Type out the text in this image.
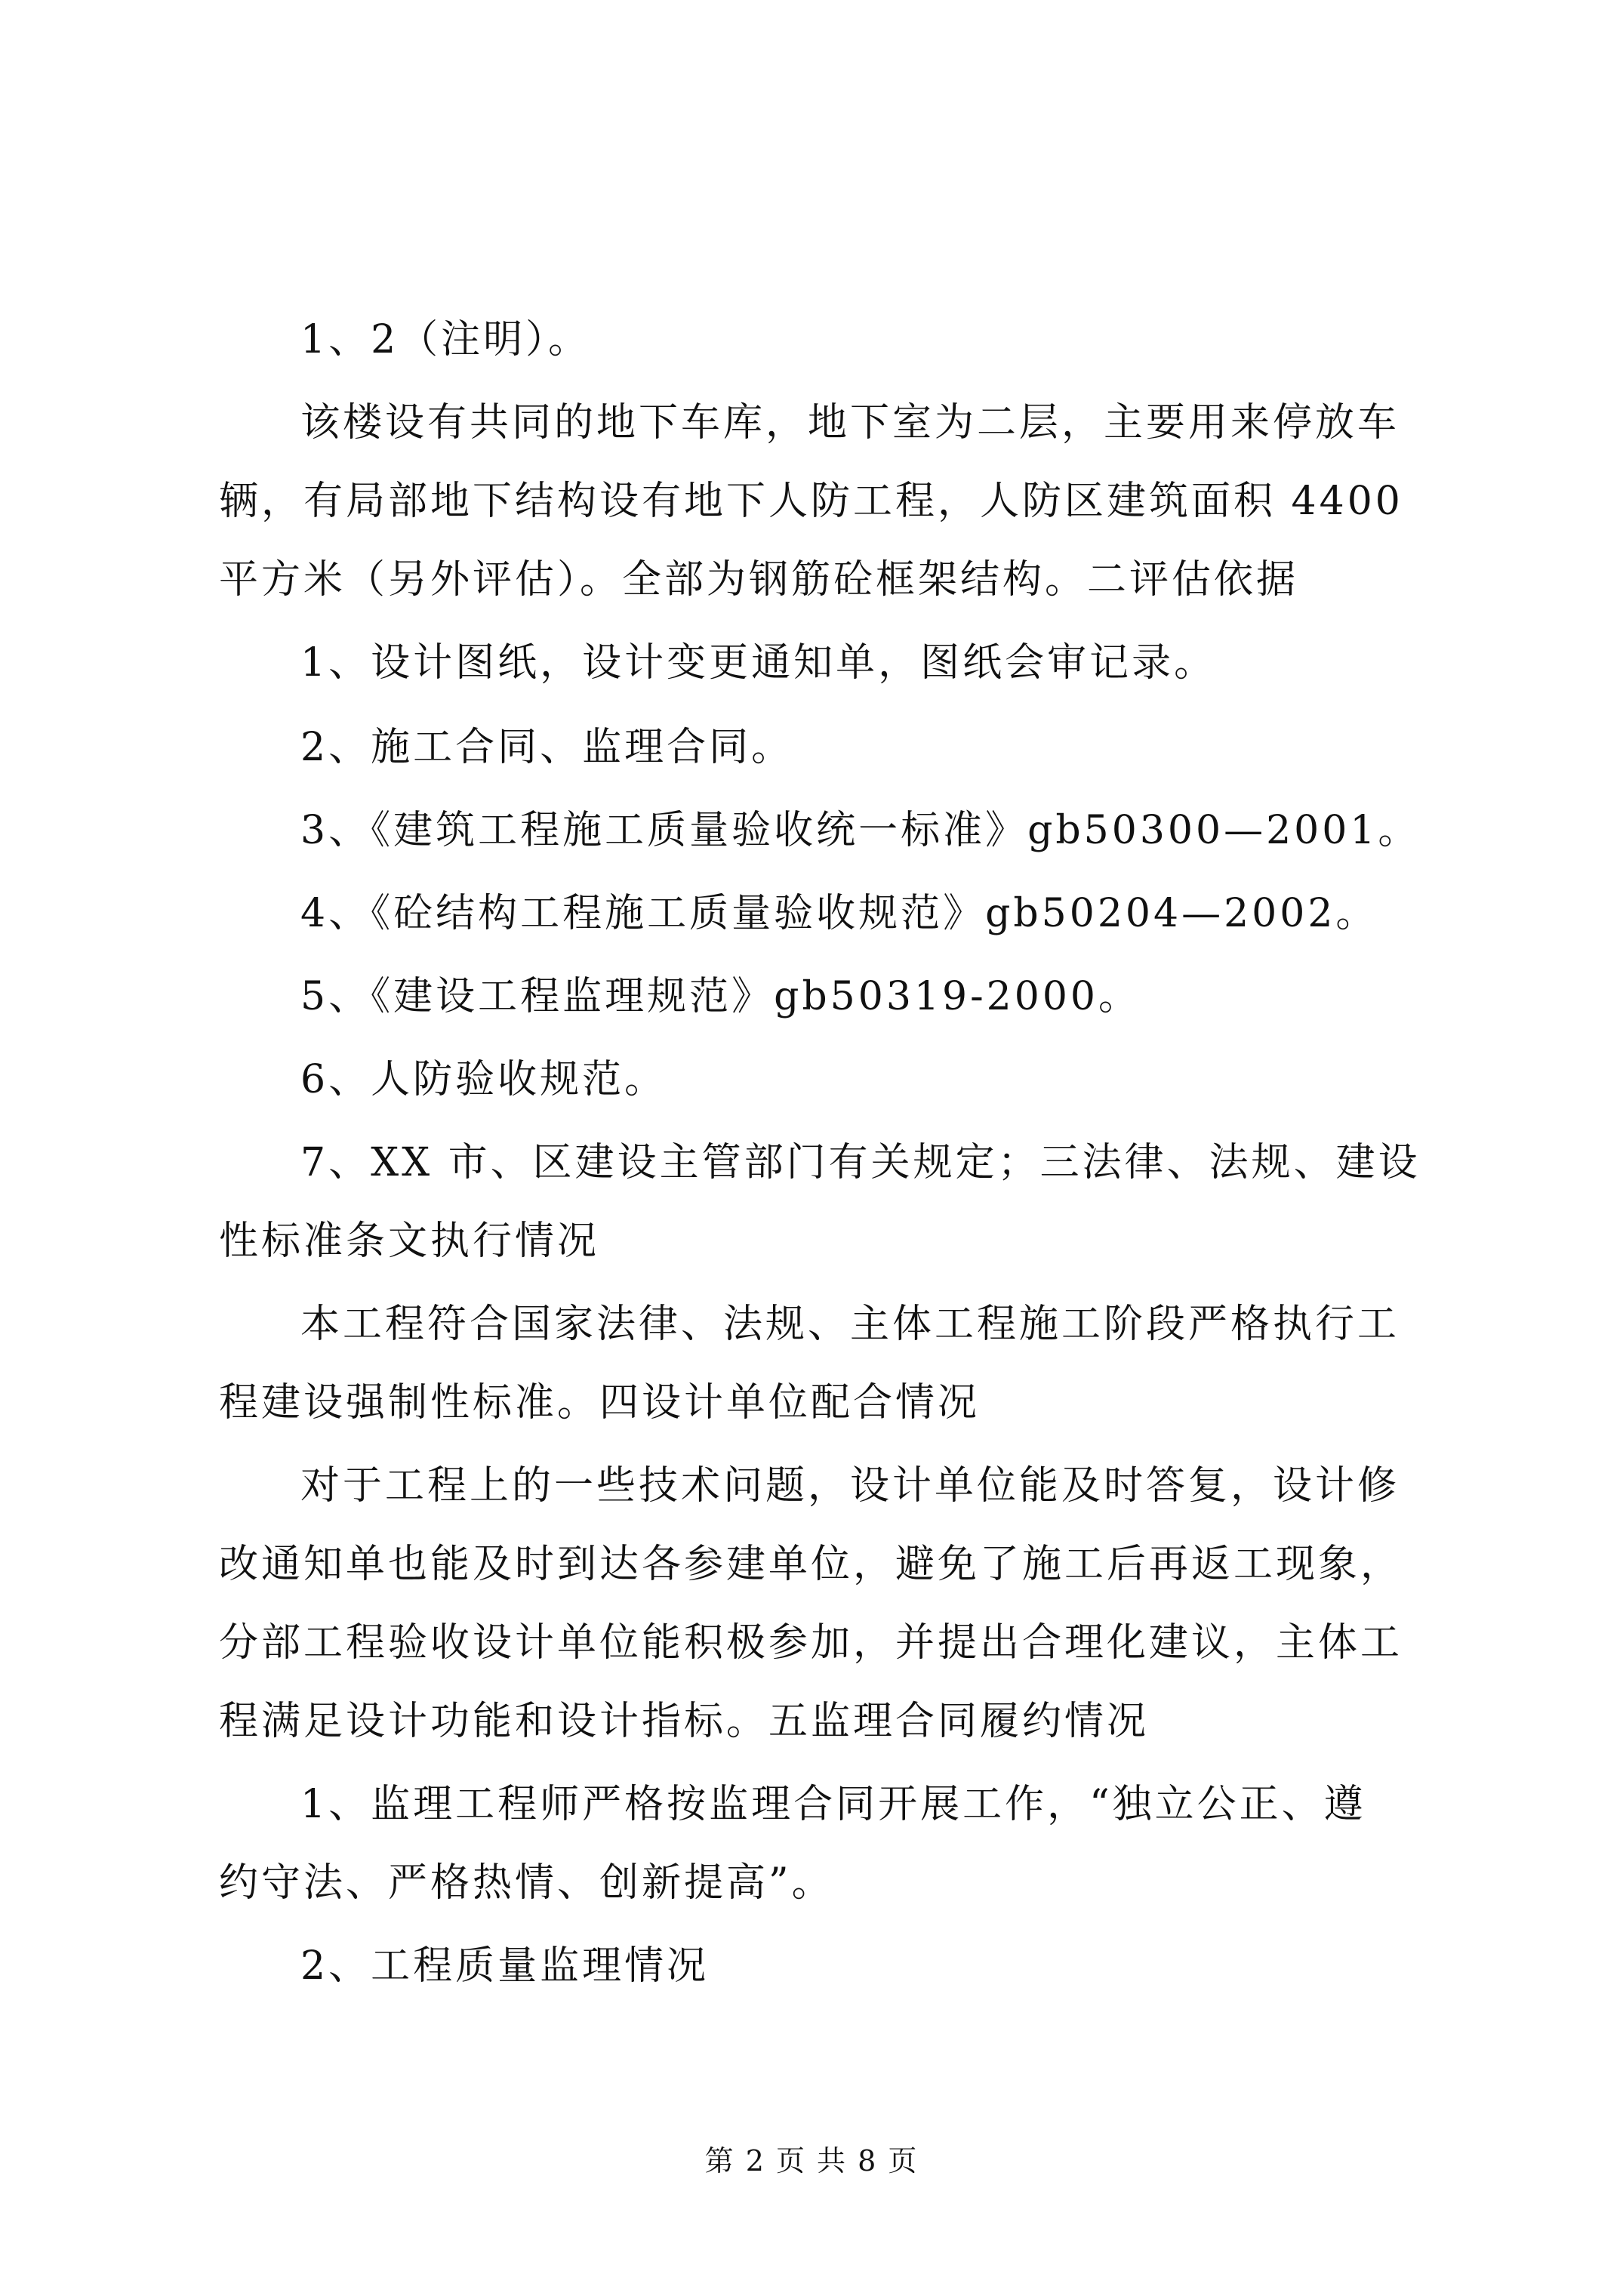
1、2（注明）。
该楼设有共同的地下车库，地下室为二层，主要用来停放车
辆，有局部地下结构设有地下人防工程，人防区建筑面积 4400
平方米（另外评估）。全部为钢筋砼框架结构。二评估依据
1、设计图纸，设计变更通知单，图纸会审记录。
2、施工合同、监理合同。
3、《建筑工程施工质量验收统一标准》gb50300—2001。
4、《砼结构工程施工质量验收规范》gb50204—2002。
5、《建设工程监理规范》gb50319-2000。
6、人防验收规范。
7、XX 市、区建设主管部门有关规定；三法律、法规、建设
性标准条文执行情况
本工程符合国家法律、法规、主体工程施工阶段严格执行工
程建设强制性标准。四设计单位配合情况
对于工程上的一些技术问题，设计单位能及时答复，设计修
改通知单也能及时到达各参建单位，避免了施工后再返工现象，
分部工程验收设计单位能积极参加，并提出合理化建议，主体工
程满足设计功能和设计指标。五监理合同履约情况
1、监理工程师严格按监理合同开展工作，“独立公正、遵
约守法、严格热情、创新提高”。
2、工程质量监理情况
第 2 页 共 8 页
